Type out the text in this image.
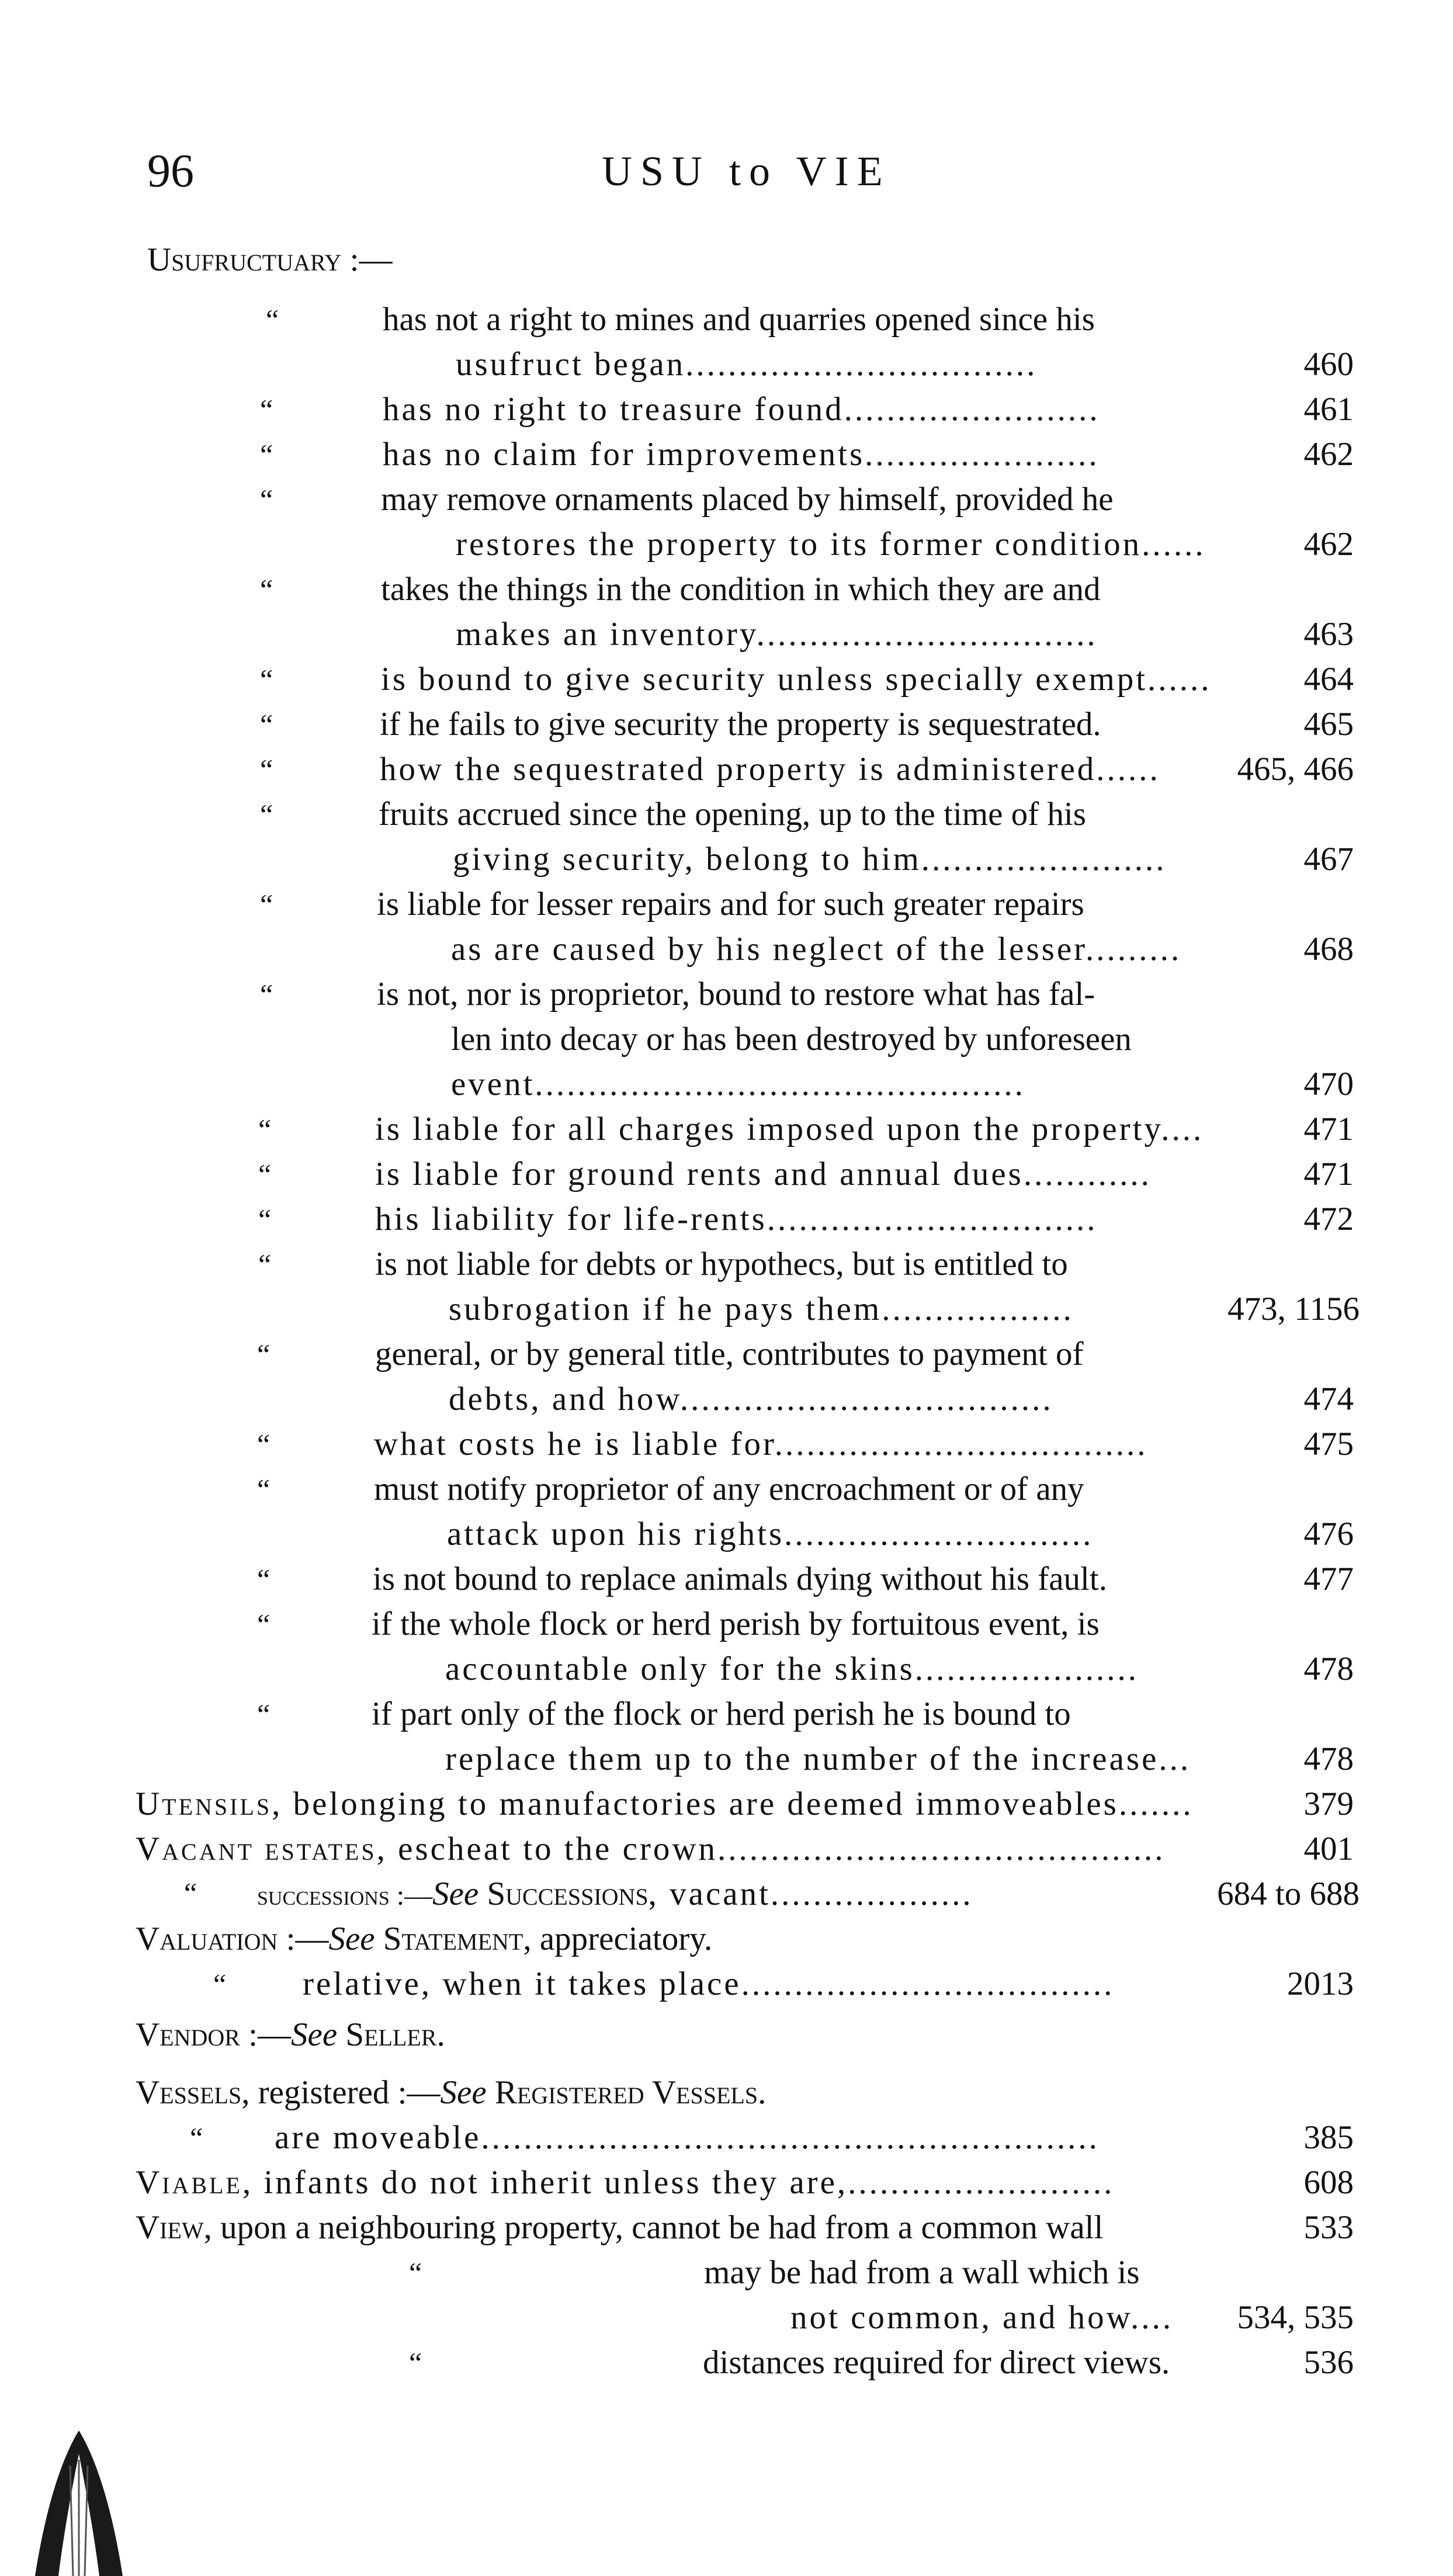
96	USU to VIE
Usufructuary :—
“	has not a right to mines and quarries opened since his
usufruct began.................................	460
“	has no right to treasure found........................	461
“	has no claim for improvements......................	462
“	may remove ornaments placed by himself, provided he
restores the property to its former condition......	462
“	takes the things in the condition in which they are and
makes an inventory................................	463
“	is bound to give security unless specially exempt......	464
“	if he fails to give security the property is sequestrated.	465
“	how the sequestrated property is administered...... 465, 466
“	fruits accrued since the opening, up to the time of his
giving security, belong to him.......................	467
“	is liable for lesser repairs and for such greater repairs
as are caused by his neglect of the lesser.........	468
“	is not, nor is proprietor, bound to restore what has fal-
len into decay or has been destroyed by unforeseen
event..............................................	470
“	is liable for all charges imposed upon the property....	471
“	is liable for ground rents and annual dues............	471
“	his liability for life-rents...............................	472
“	is not liable for debts or hypothecs, but is entitled to
subrogation if he pays them..................	473, 1156
“	general, or by general title, contributes to payment of
debts, and how...................................	474
“	what costs he is liable for...................................	475
“	must notify proprietor of any encroachment or of any
attack upon his rights.............................	476
“	is not bound to replace animals dying without his fault.	477
“	if the whole flock or herd perish by fortuitous event, is
accountable only for the skins.....................	478
“	if part only of the flock or herd perish he is bound to
replace them up to the number of the increase...	478
Utensils, belonging to manufactories are deemed immoveables.......	379
Vacant estates, escheat to the crown..........................................	401
“ successions :—See Successions, vacant...................	684 to 688
Valuation :—See Statement, appreciatory.
“ relative, when it takes place...................................	2013
Vendor :—See Seller.
Vessels, registered :—See Registered Vessels.
“ are moveable..........................................................	385
Viable, infants do not inherit unless they are,.........................	608
View, upon a neighbouring property, cannot be had from a common wall	533
“	may be had from a wall which is
not common, and how.... 534, 535
“	distances required for direct views.	536
